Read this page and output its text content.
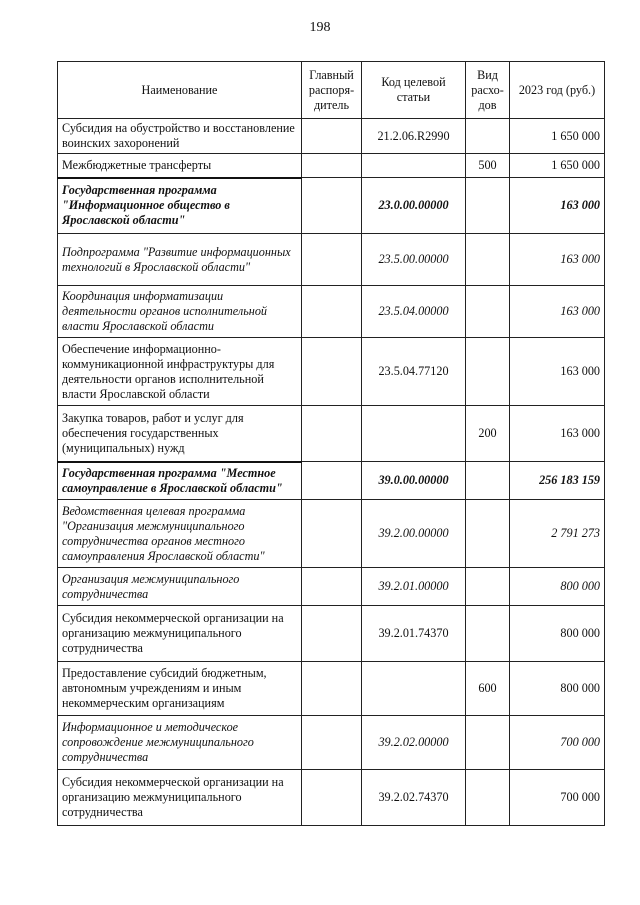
198
Наименование	Главный распоря- дитель	Код целевой статьи	Вид расхо- дов	2023 год (руб.)
Субсидия на обустройство и восстановление воинских захоронений		21.2.06.R2990		1 650 000
Межбюджетные трансферты			500	1 650 000
Государственная программа "Информационное общество в Ярославской области"		23.0.00.00000		163 000
Подпрограмма "Развитие информационных технологий в Ярославской области"		23.5.00.00000		163 000
Координация информатизации деятельности органов исполнительной власти Ярославской области		23.5.04.00000		163 000
Обеспечение информационно-коммуникационной инфраструктуры для деятельности органов исполнительной власти Ярославской области		23.5.04.77120		163 000
Закупка товаров, работ и услуг для обеспечения государственных (муниципальных) нужд			200	163 000
Государственная программа "Местное самоуправление в Ярославской области"		39.0.00.00000		256 183 159
Ведомственная целевая программа "Организация межмуниципального сотрудничества органов местного самоуправления Ярославской области"		39.2.00.00000		2 791 273
Организация межмуниципального сотрудничества		39.2.01.00000		800 000
Субсидия некоммерческой организации на организацию межмуниципального сотрудничества		39.2.01.74370		800 000
Предоставление субсидий бюджетным, автономным учреждениям и иным некоммерческим организациям			600	800 000
Информационное и методическое сопровождение межмуниципального сотрудничества		39.2.02.00000		700 000
Субсидия некоммерческой организации на организацию межмуниципального сотрудничества		39.2.02.74370		700 000
